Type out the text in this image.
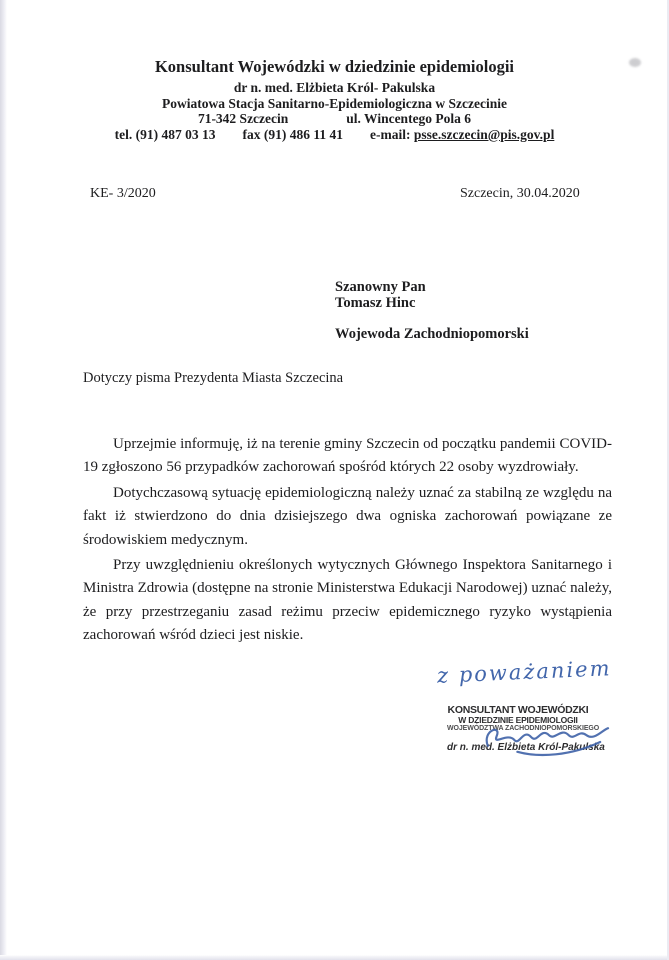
Konsultant Wojewódzki w dziedzinie epidemiologii
dr n. med. Elżbieta Król- Pakulska
Powiatowa Stacja Sanitarno-Epidemiologiczna w Szczecinie
71-342 Szczecin	ul. Wincentego Pola 6
tel. (91) 487 03 13 fax (91) 486 11 41 e-mail: psse.szczecin@pis.gov.pl
KE- 3/2020	Szczecin, 30.04.2020
Szanowny Pan
Tomasz Hinc
Wojewoda Zachodniopomorski
Dotyczy pisma Prezydenta Miasta Szczecina

Uprzejmie informuję, iż na terenie gminy Szczecin od początku pandemii COVID-19 zgłoszono 56 przypadków zachorowań spośród których 22 osoby wyzdrowiały.

Dotychczasową sytuację epidemiologiczną należy uznać za stabilną ze względu na fakt iż stwierdzono do dnia dzisiejszego dwa ogniska zachorowań powiązane ze środowiskiem medycznym.

Przy uwzględnieniu określonych wytycznych Głównego Inspektora Sanitarnego i Ministra Zdrowia (dostępne na stronie Ministerstwa Edukacji Narodowej) uznać należy, że przy przestrzeganiu zasad reżimu przeciw epidemicznego ryzyko wystąpienia zachorowań wśród dzieci jest niskie.

z poważaniem
KONSULTANT WOJEWÓDZKI
W DZIEDZINIE EPIDEMIOLOGII
WOJEWÓDZTWA ZACHODNIOPOMORSKIEGO
dr n. med. Elżbieta Król-Pakulska
